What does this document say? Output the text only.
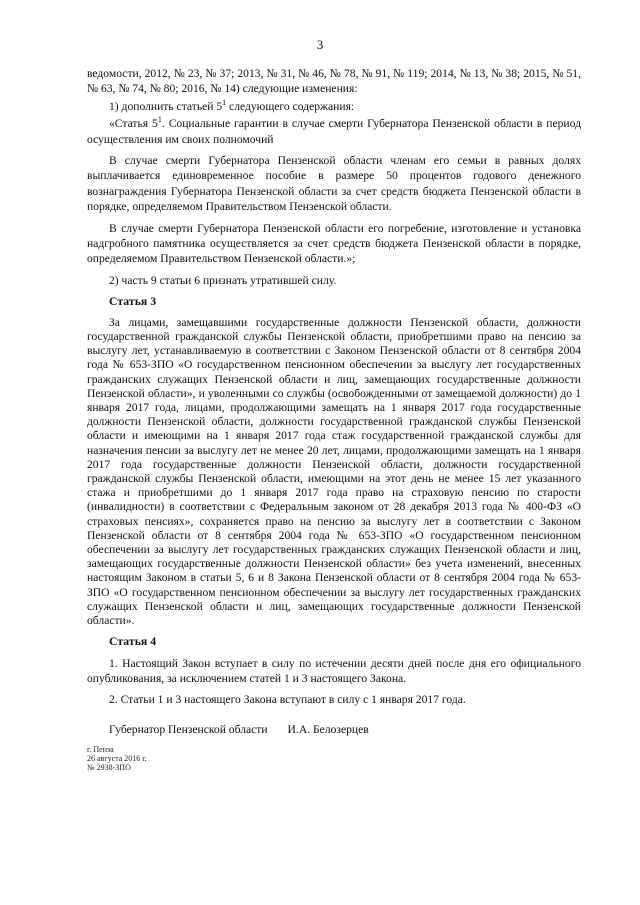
3

ведомости, 2012, № 23, № 37; 2013, № 31, № 46, № 78, № 91, № 119; 2014, № 13, № 38; 2015, № 51, № 63, № 74, № 80; 2016, № 14) следующие изменения:

1) дополнить статьей $5^1$ следующего содержания:

«Статья $5^1$. Социальные гарантии в случае смерти Губернатора Пензенской области в период осуществления им своих полномочий

В случае смерти Губернатора Пензенской области членам его семьи в равных долях выплачивается единовременное пособие в размере 50 процентов годового денежного вознаграждения Губернатора Пензенской области за счет средств бюджета Пензенской области в порядке, определяемом Правительством Пензенской области.

В случае смерти Губернатора Пензенской области его погребение, изготовление и установка надгробного памятника осуществляется за счет средств бюджета Пензенской области в порядке, определяемом Правительством Пензенской области.»;

2) часть 9 статьи 6 признать утратившей силу.

Статья 3

За лицами, замещавшими государственные должности Пензенской области, должности государственной гражданской службы Пензенской области, приобретшими право на пенсию за выслугу лет, устанавливаемую в соответствии с Законом Пензенской области от 8 сентября 2004 года № 653-ЗПО «О государственном пенсионном обеспечении за выслугу лет государственных гражданских служащих Пензенской области и лиц, замещающих государственные должности Пензенской области», и уволенными со службы (освобожденными от замещаемой должности) до 1 января 2017 года, лицами, продолжающими замещать на 1 января 2017 года государственные должности Пензенской области, должности государственной гражданской службы Пензенской области и имеющими на 1 января 2017 года стаж государственной гражданской службы для назначения пенсии за выслугу лет не менее 20 лет, лицами, продолжающими замещать на 1 января 2017 года государственные должности Пензенской области, должности государственной гражданской службы Пензенской области, имеющими на этот день не менее 15 лет указанного стажа и приобретшими до 1 января 2017 года право на страховую пенсию по старости (инвалидности) в соответствии с Федеральным законом от 28 декабря 2013 года № 400-ФЗ «О страховых пенсиях», сохраняется право на пенсию за выслугу лет в соответствии с Законом Пензенской области от 8 сентября 2004 года № 653-ЗПО «О государственном пенсионном обеспечении за выслугу лет государственных гражданских служащих Пензенской области и лиц, замещающих государственные должности Пензенской области» без учета изменений, внесенных настоящим Законом в статьи 5, 6 и 8 Закона Пензенской области от 8 сентября 2004 года № 653-ЗПО «О государственном пенсионном обеспечении за выслугу лет государственных гражданских служащих Пензенской области и лиц, замещающих государственные должности Пензенской области».

Статья 4

1. Настоящий Закон вступает в силу по истечении десяти дней после дня его официального опубликования, за исключением статей 1 и 3 настоящего Закона.

2. Статьи 1 и 3 настоящего Закона вступают в силу с 1 января 2017 года.

Губернатор Пензенской области И.А. Белозерцев
г. Пенза
26 августа 2016 г.
№ 2938-ЗПО
